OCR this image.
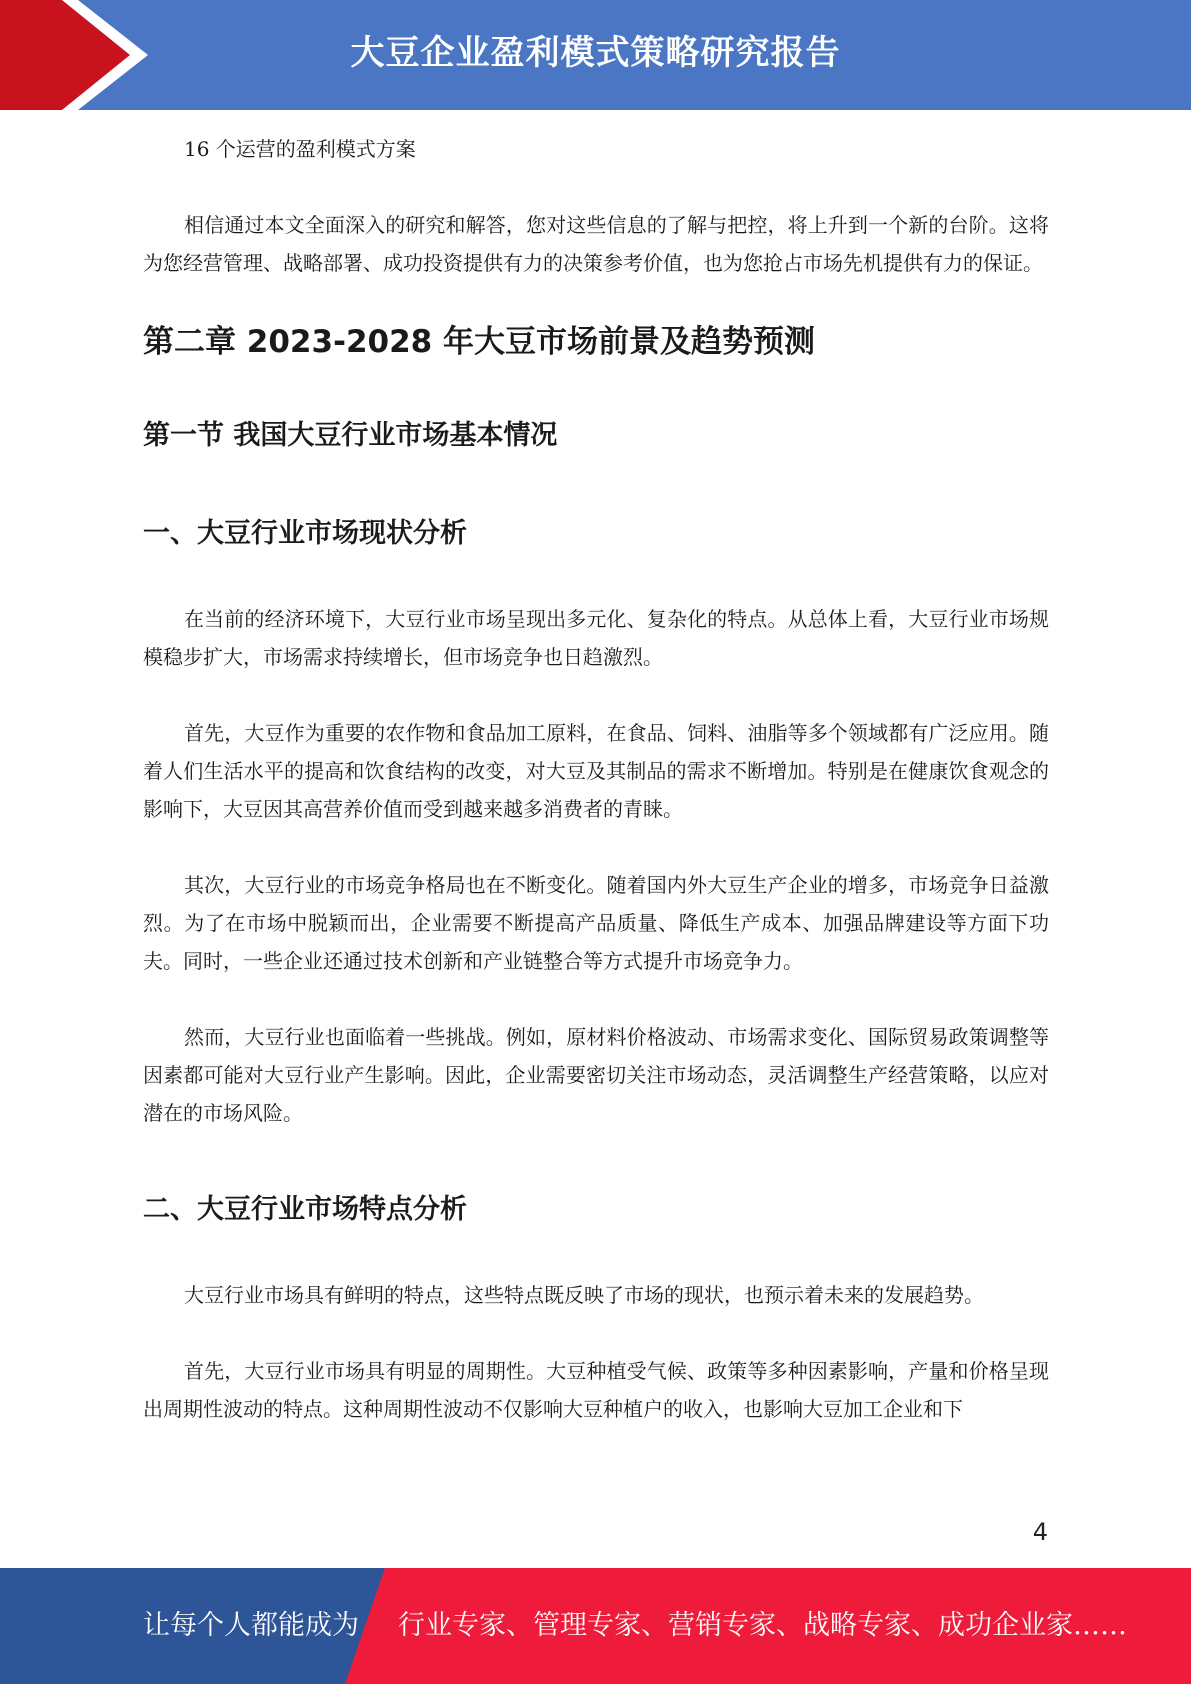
大豆企业盈利模式策略研究报告

16 个运营的盈利模式方案

相信通过本文全面深入的研究和解答，您对这些信息的了解与把控，将上升到一个新的台阶。这将为您经营管理、战略部署、成功投资提供有力的决策参考价值，也为您抢占市场先机提供有力的保证。

第二章 2023-2028 年大豆市场前景及趋势预测
第一节 我国大豆行业市场基本情况
一、大豆行业市场现状分析

在当前的经济环境下，大豆行业市场呈现出多元化、复杂化的特点。从总体上看，大豆行业市场规模稳步扩大，市场需求持续增长，但市场竞争也日趋激烈。

首先，大豆作为重要的农作物和食品加工原料，在食品、饲料、油脂等多个领域都有广泛应用。随着人们生活水平的提高和饮食结构的改变，对大豆及其制品的需求不断增加。特别是在健康饮食观念的影响下，大豆因其高营养价值而受到越来越多消费者的青睐。

其次，大豆行业的市场竞争格局也在不断变化。随着国内外大豆生产企业的增多，市场竞争日益激烈。为了在市场中脱颖而出，企业需要不断提高产品质量、降低生产成本、加强品牌建设等方面下功夫。同时，一些企业还通过技术创新和产业链整合等方式提升市场竞争力。

然而，大豆行业也面临着一些挑战。例如，原材料价格波动、市场需求变化、国际贸易政策调整等因素都可能对大豆行业产生影响。因此，企业需要密切关注市场动态，灵活调整生产经营策略，以应对潜在的市场风险。

二、大豆行业市场特点分析

大豆行业市场具有鲜明的特点，这些特点既反映了市场的现状，也预示着未来的发展趋势。

首先，大豆行业市场具有明显的周期性。大豆种植受气候、政策等多种因素影响，产量和价格呈现出周期性波动的特点。这种周期性波动不仅影响大豆种植户的收入，也影响大豆加工企业和下

4
让每个人都能成为 行业专家、管理专家、营销专家、战略专家、成功企业家……
